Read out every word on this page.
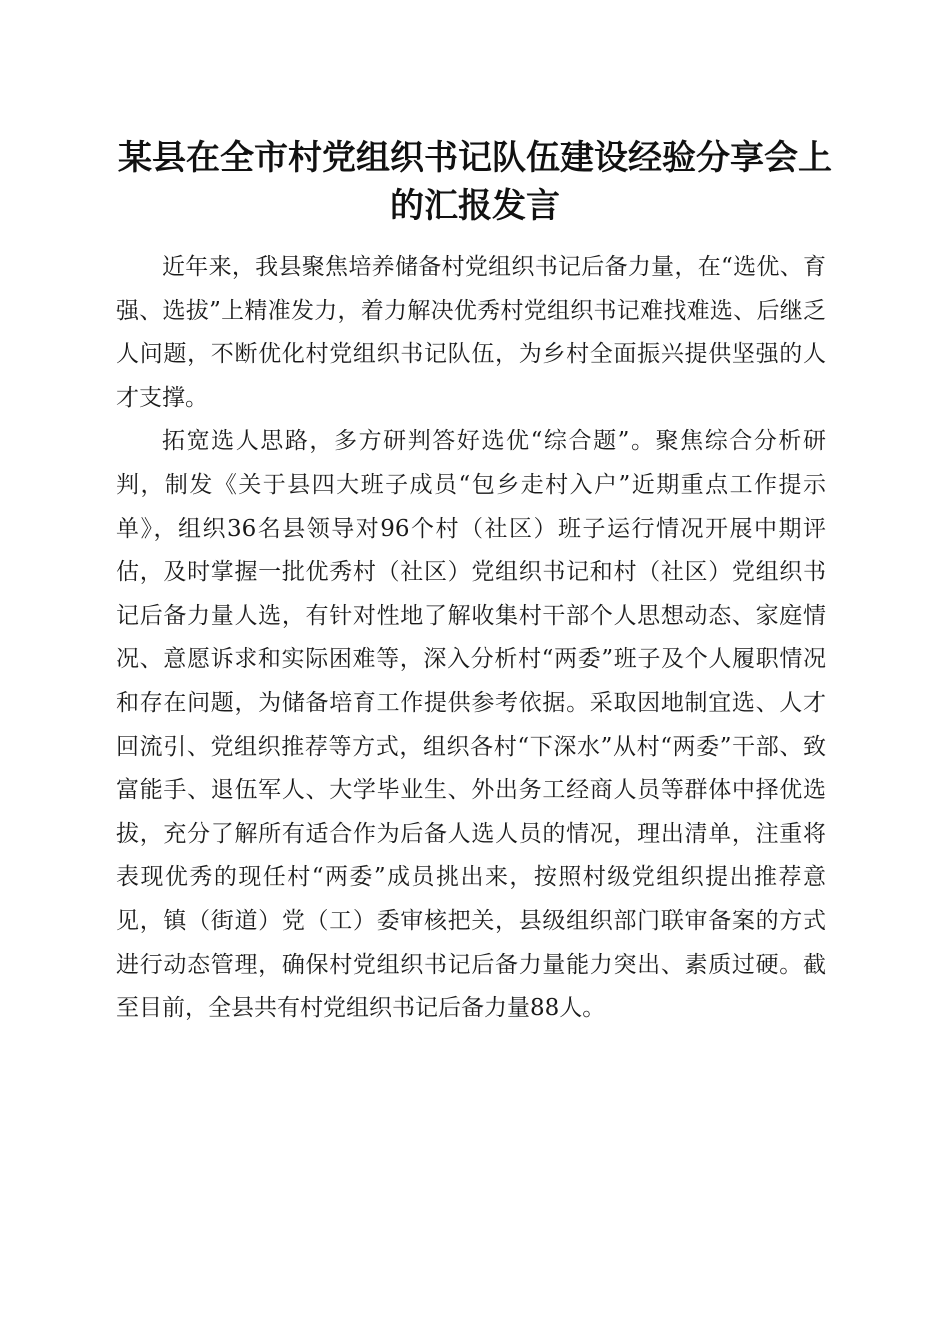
某县在全市村党组织书记队伍建设经验分享会上的汇报发言

近年来，我县聚焦培养储备村党组织书记后备力量，在“选优、育强、选拔”上精准发力，着力解决优秀村党组织书记难找难选、后继乏人问题，不断优化村党组织书记队伍，为乡村全面振兴提供坚强的人才支撑。

拓宽选人思路，多方研判答好选优“综合题”。聚焦综合分析研判，制发《关于县四大班子成员“包乡走村入户”近期重点工作提示单》，组织36名县领导对96个村（社区）班子运行情况开展中期评估，及时掌握一批优秀村（社区）党组织书记和村（社区）党组织书记后备力量人选，有针对性地了解收集村干部个人思想动态、家庭情况、意愿诉求和实际困难等，深入分析村“两委”班子及个人履职情况和存在问题，为储备培育工作提供参考依据。采取因地制宜选、人才回流引、党组织推荐等方式，组织各村“下深水”从村“两委”干部、致富能手、退伍军人、大学毕业生、外出务工经商人员等群体中择优选拔，充分了解所有适合作为后备人选人员的情况，理出清单，注重将表现优秀的现任村“两委”成员挑出来，按照村级党组织提出推荐意见，镇（街道）党（工）委审核把关，县级组织部门联审备案的方式进行动态管理，确保村党组织书记后备力量能力突出、素质过硬。截至目前，全县共有村党组织书记后备力量88人。
